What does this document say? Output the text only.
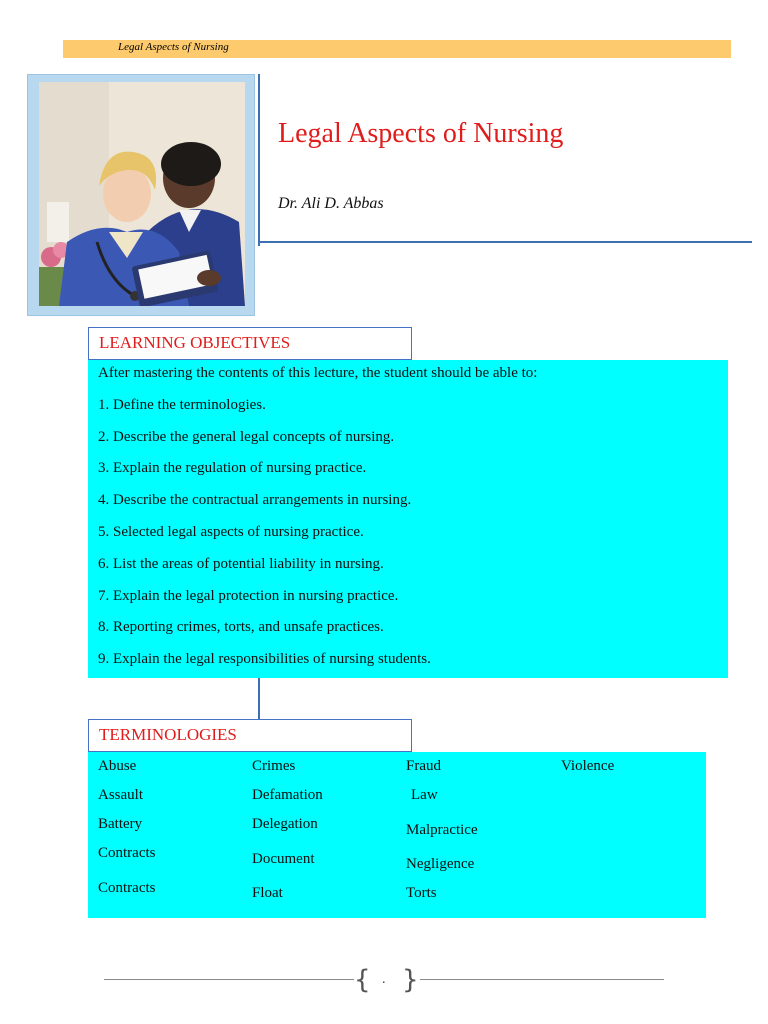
Legal Aspects of Nursing
Legal Aspects of Nursing
Dr. Ali D. Abbas
LEARNING OBJECTIVES
After mastering the contents of this lecture, the student should be able to:
1. Define the terminologies.
2. Describe the general legal concepts of nursing.
3. Explain the regulation of nursing practice.
4. Describe the contractual arrangements in nursing.
5. Selected legal aspects of nursing practice.
6. List the areas of potential liability in nursing.
7. Explain the legal protection in nursing practice.
8. Reporting crimes, torts, and unsafe practices.
9. Explain the legal responsibilities of nursing students.
TERMINOLOGIES
Abuse
Assault
Battery
Contracts
Contracts
Crimes
Defamation
Delegation
Document
Float
Fraud
Law
Malpractice
Negligence
Torts
Violence
{ . }
